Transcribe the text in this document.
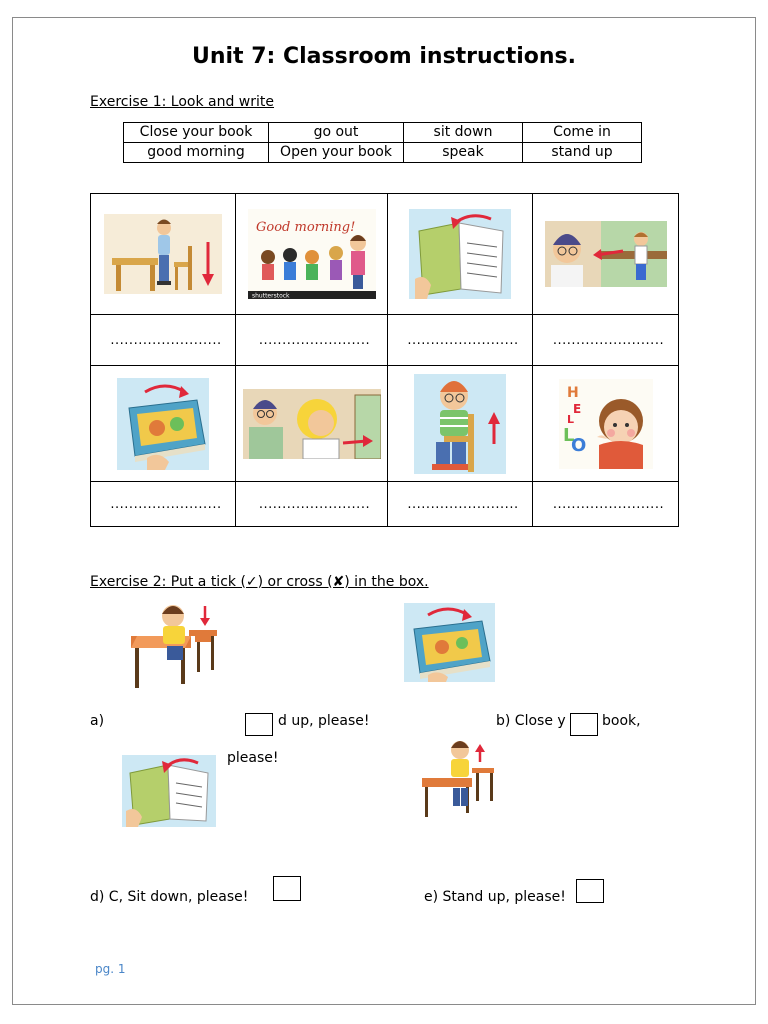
Unit 7: Classroom instructions.
Exercise 1: Look and write
Close your book	go out	sit down	Come in
good morning	Open your book	speak	stand up

Good morning!
shutterstock

........................	........................	........................	........................

H
E
L
L
O

........................	........................	........................	........................
Exercise 2: Put a tick (✓) or cross (✘) in the box.
a)	d up, please!	b) Close y	book,
please!
d) C, Sit down, please!	e) Stand up, please!
pg. 1
